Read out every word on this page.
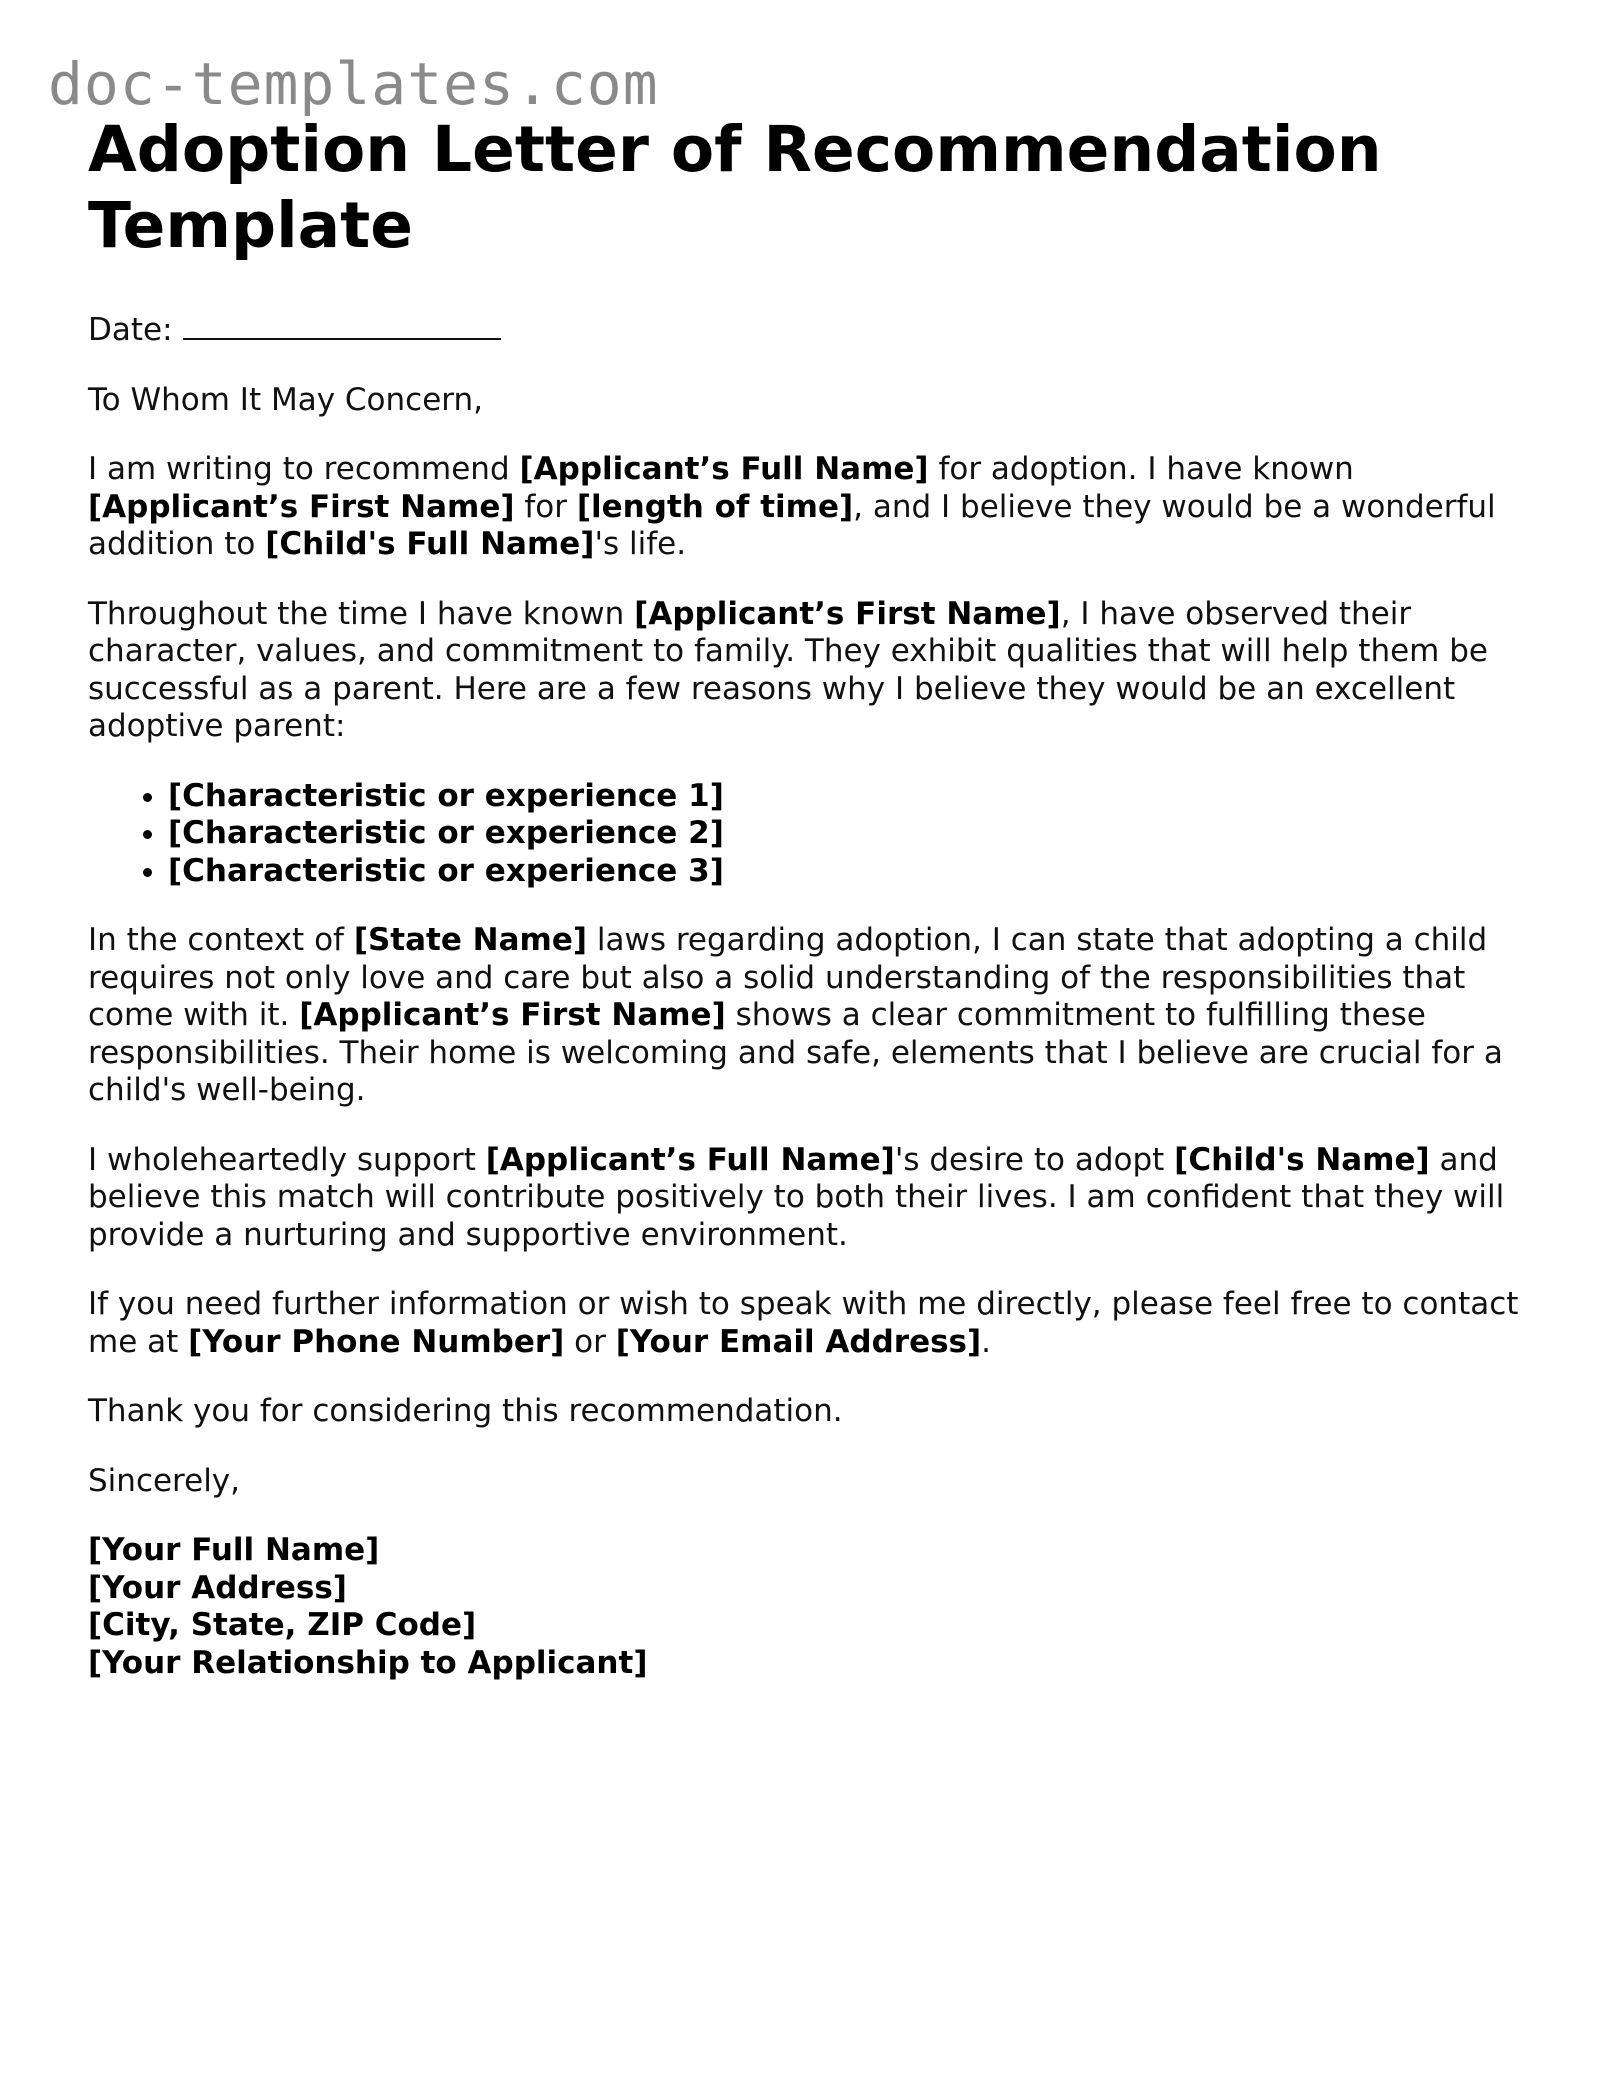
doc-templates.com
Adoption Letter of Recommendation Template

Date:

To Whom It May Concern,

I am writing to recommend [Applicant’s Full Name] for adoption. I have known [Applicant’s First Name] for [length of time], and I believe they would be a wonderful addition to [Child's Full Name]'s life.

Throughout the time I have known [Applicant’s First Name], I have observed their character, values, and commitment to family. They exhibit qualities that will help them be successful as a parent. Here are a few reasons why I believe they would be an excellent adoptive parent:

• [Characteristic or experience 1]
• [Characteristic or experience 2]
• [Characteristic or experience 3]

In the context of [State Name] laws regarding adoption, I can state that adopting a child requires not only love and care but also a solid understanding of the responsibilities that come with it. [Applicant’s First Name] shows a clear commitment to fulfilling these responsibilities. Their home is welcoming and safe, elements that I believe are crucial for a child's well-being.

I wholeheartedly support [Applicant’s Full Name]'s desire to adopt [Child's Name] and believe this match will contribute positively to both their lives. I am confident that they will provide a nurturing and supportive environment.

If you need further information or wish to speak with me directly, please feel free to contact me at [Your Phone Number] or [Your Email Address].

Thank you for considering this recommendation.

Sincerely,

[Your Full Name]

[Your Address]

[City, State, ZIP Code]

[Your Relationship to Applicant]
